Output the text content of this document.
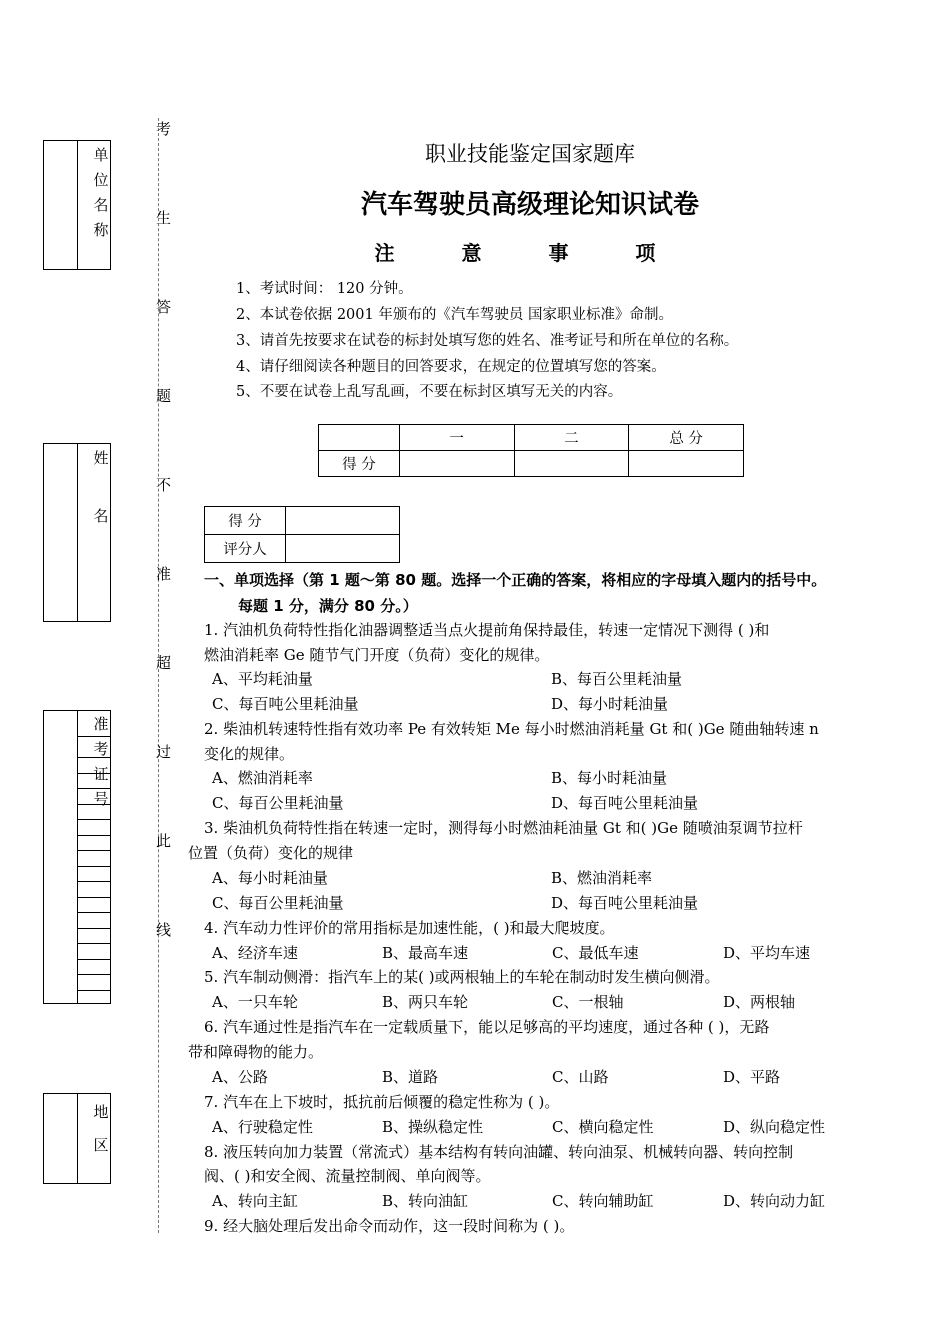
单
位
名
称
姓
名
准
考
证
号
地
区
考
生
答
题
不
准
超
过
此
线
职业技能鉴定国家题库
汽车驾驶员高级理论知识试卷
注 意 事 项
1、考试时间： 120 分钟。
2、本试卷依据 2001 年颁布的《汽车驾驶员 国家职业标准》命制。
3、请首先按要求在试卷的标封处填写您的姓名、准考证号和所在单位的名称。
4、请仔细阅读各种题目的回答要求，在规定的位置填写您的答案。
5、不要在试卷上乱写乱画，不要在标封区填写无关的内容。
	一	二	总 分
得 分			
得 分	
评分人	
一、单项选择（第 1 题～第 80 题。选择一个正确的答案，将相应的字母填入题内的括号中。
每题 1 分，满分 80 分。）
1. 汽油机负荷特性指化油器调整适当点火提前角保持最佳，转速一定情况下测得 ( )和
燃油消耗率 Ge 随节气门开度（负荷）变化的规律。
A、平均耗油量	B、每百公里耗油量
C、每百吨公里耗油量	D、每小时耗油量
2. 柴油机转速特性指有效功率 Pe 有效转矩 Me 每小时燃油消耗量 Gt 和( )Ge 随曲轴转速 n
变化的规律。
A、燃油消耗率	B、每小时耗油量
C、每百公里耗油量	D、每百吨公里耗油量
3. 柴油机负荷特性指在转速一定时，测得每小时燃油耗油量 Gt 和( )Ge 随喷油泵调节拉杆
位置（负荷）变化的规律
A、每小时耗油量	B、燃油消耗率
C、每百公里耗油量	D、每百吨公里耗油量
4. 汽车动力性评价的常用指标是加速性能，( )和最大爬坡度。
A、经济车速	B、最高车速	C、最低车速	D、平均车速
5. 汽车制动侧滑：指汽车上的某( )或两根轴上的车轮在制动时发生横向侧滑。
A、一只车轮	B、两只车轮	C、一根轴	D、两根轴
6. 汽车通过性是指汽车在一定载质量下，能以足够高的平均速度，通过各种 ( )，无路
带和障碍物的能力。
A、公路	B、道路	C、山路	D、平路
7. 汽车在上下坡时，抵抗前后倾覆的稳定性称为 ( )。
A、行驶稳定性	B、操纵稳定性	C、横向稳定性	D、纵向稳定性
8. 液压转向加力装置（常流式）基本结构有转向油罐、转向油泵、机械转向器、转向控制
阀、( )和安全阀、流量控制阀、单向阀等。
A、转向主缸	B、转向油缸	C、转向辅助缸	D、转向动力缸
9. 经大脑处理后发出命令而动作，这一段时间称为 ( )。
